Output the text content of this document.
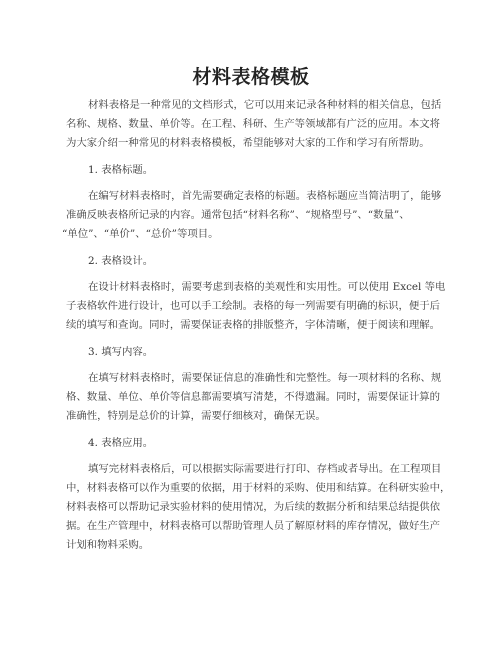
材料表格模板
材料表格是一种常见的文档形式，它可以用来记录各种材料的相关信息，包括
名称、规格、数量、单价等。在工程、科研、生产等领域都有广泛的应用。本文将
为大家介绍一种常见的材料表格模板，希望能够对大家的工作和学习有所帮助。
1. 表格标题。
在编写材料表格时，首先需要确定表格的标题。表格标题应当简洁明了，能够
准确反映表格所记录的内容。通常包括“材料名称”、“规格型号”、“数量”、
“单位”、“单价”、“总价”等项目。
2. 表格设计。
在设计材料表格时，需要考虑到表格的美观性和实用性。可以使用 Excel 等电
子表格软件进行设计，也可以手工绘制。表格的每一列需要有明确的标识，便于后
续的填写和查询。同时，需要保证表格的排版整齐，字体清晰，便于阅读和理解。
3. 填写内容。
在填写材料表格时，需要保证信息的准确性和完整性。每一项材料的名称、规
格、数量、单位、单价等信息都需要填写清楚，不得遗漏。同时，需要保证计算的
准确性，特别是总价的计算，需要仔细核对，确保无误。
4. 表格应用。
填写完材料表格后，可以根据实际需要进行打印、存档或者导出。在工程项目
中，材料表格可以作为重要的依据，用于材料的采购、使用和结算。在科研实验中，
材料表格可以帮助记录实验材料的使用情况，为后续的数据分析和结果总结提供依
据。在生产管理中，材料表格可以帮助管理人员了解原材料的库存情况，做好生产
计划和物料采购。
